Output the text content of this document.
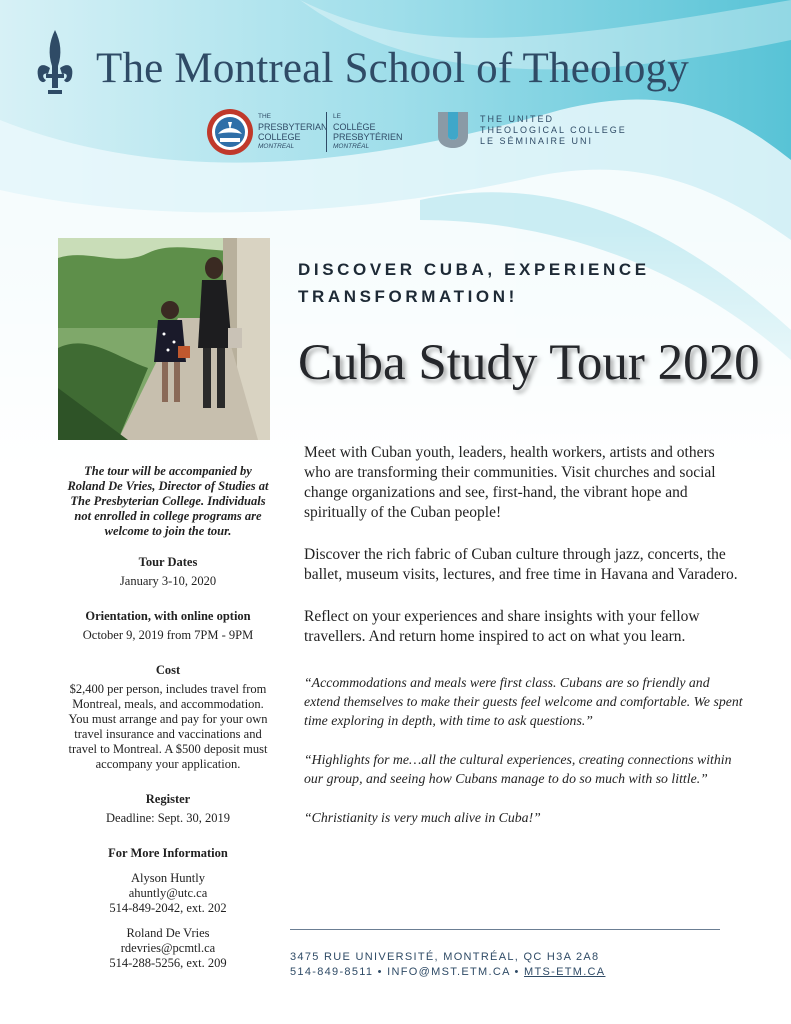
The Montreal School of Theology
THE
PRESBYTERIAN
COLLEGE
MONTREAL
LE
COLLÈGE
PRESBYTÉRIEN
MONTRÉAL
THE UNITED
THEOLOGICAL COLLEGE
LE SÉMINAIRE UNI

The tour will be accompanied by Roland De Vries, Director of Studies at The Presbyterian College. Individuals not enrolled in college programs are welcome to join the tour.

Tour Dates

January 3-10, 2020

Orientation, with online option

October 9, 2019 from 7PM - 9PM

Cost

$2,400 per person, includes travel from Montreal, meals, and accommodation. You must arrange and pay for your own travel insurance and vaccinations and travel to Montreal. A $500 deposit must accompany your application.

Register

Deadline: Sept. 30, 2019

For More Information

Alyson Huntly

ahuntly@utc.ca

514-849-2042, ext. 202

Roland De Vries

rdevries@pcmtl.ca

514-288-5256, ext. 209

DISCOVER CUBA, EXPERIENCE
TRANSFORMATION!
Cuba Study Tour 2020

Meet with Cuban youth, leaders, health workers, artists and others who are transforming their communities. Visit churches and social change organizations and see, first-hand, the vibrant hope and spiritually of the Cuban people!

Discover the rich fabric of Cuban culture through jazz, concerts, the ballet, museum visits, lectures, and free time in Havana and Varadero.

Reflect on your experiences and share insights with your fellow travellers. And return home inspired to act on what you learn.

“Accommodations and meals were first class. Cubans are so friendly and extend themselves to make their guests feel welcome and comfortable. We spent time exploring in depth, with time to ask questions.”

“Highlights for me…all the cultural experiences, creating connections within our group, and seeing how Cubans manage to do so much with so little.”

“Christianity is very much alive in Cuba!”

3475 RUE UNIVERSITÉ, MONTRÉAL, QC H3A 2A8
514-849-8511 • INFO@MST.ETM.CA • MTS-ETM.CA
